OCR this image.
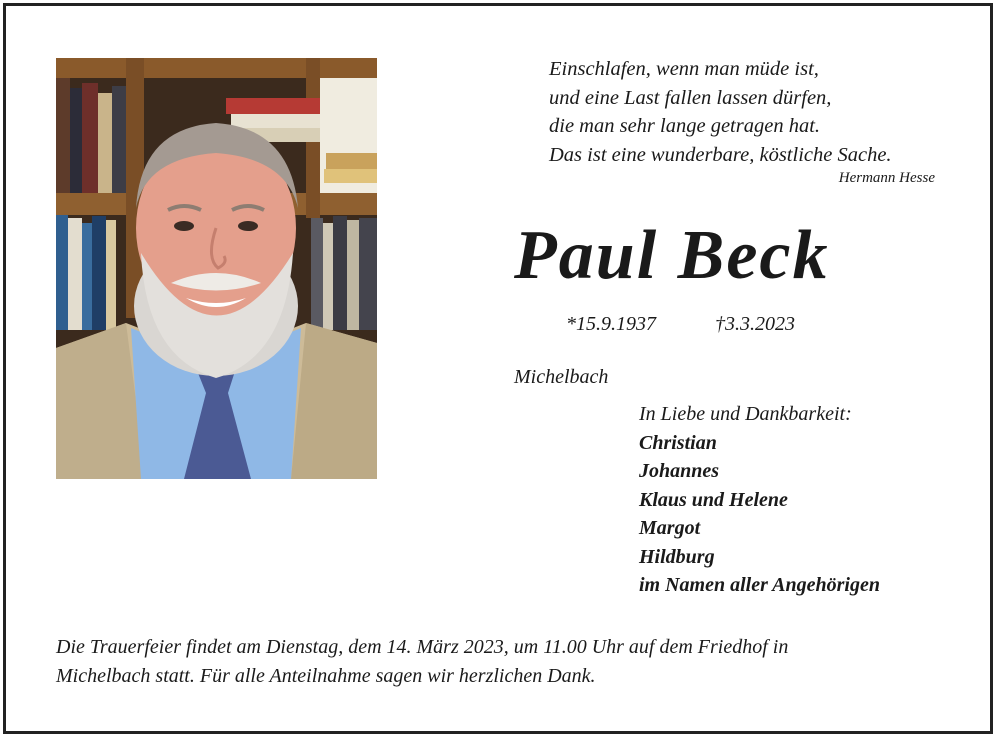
Einschlafen, wenn man müde ist,
und eine Last fallen lassen dürfen,
die man sehr lange getragen hat.
Das ist eine wunderbare, köstliche Sache.
Hermann Hesse
Paul Beck
*15.9.1937	†3.3.2023
Michelbach
In Liebe und Dankbarkeit:
Christian
Johannes
Klaus und Helene
Margot
Hildburg
im Namen aller Angehörigen
Die Trauerfeier findet am Dienstag, dem 14. März 2023, um 11.00 Uhr auf dem Friedhof in
Michelbach statt. Für alle Anteilnahme sagen wir herzlichen Dank.
